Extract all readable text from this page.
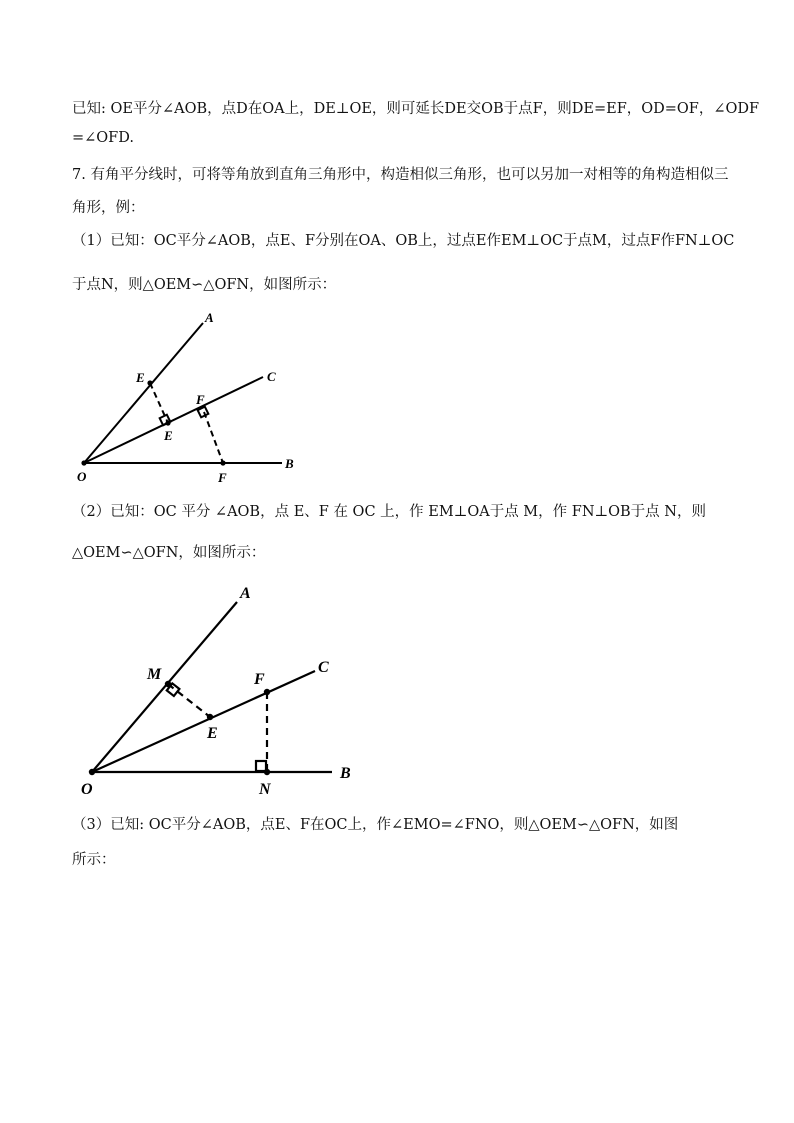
已知: OE平分∠AOB，点D在OA上，DE⊥OE，则可延长DE交OB于点F，则DE=EF，OD=OF，∠ODF
=∠OFD.
7. 有角平分线时，可将等角放到直角三角形中，构造相似三角形，也可以另加一对相等的角构造相似三
角形，例：
（1）已知：OC平分∠AOB，点E、F分别在OA、OB上，过点E作EM⊥OC于点M，过点F作FN⊥OC
于点N，则△OEM∽△OFN，如图所示：
A
C
B
O
E
F
E
F
（2）已知：OC 平分 ∠AOB，点 E、F 在 OC 上，作 EM⊥OA于点 M，作 FN⊥OB于点 N，则
△OEM∽△OFN，如图所示：
A
C
B
O
M	F
E
N
（3）已知: OC平分∠AOB，点E、F在OC上，作∠EMO=∠FNO，则△OEM∽△OFN，如图
所示：
